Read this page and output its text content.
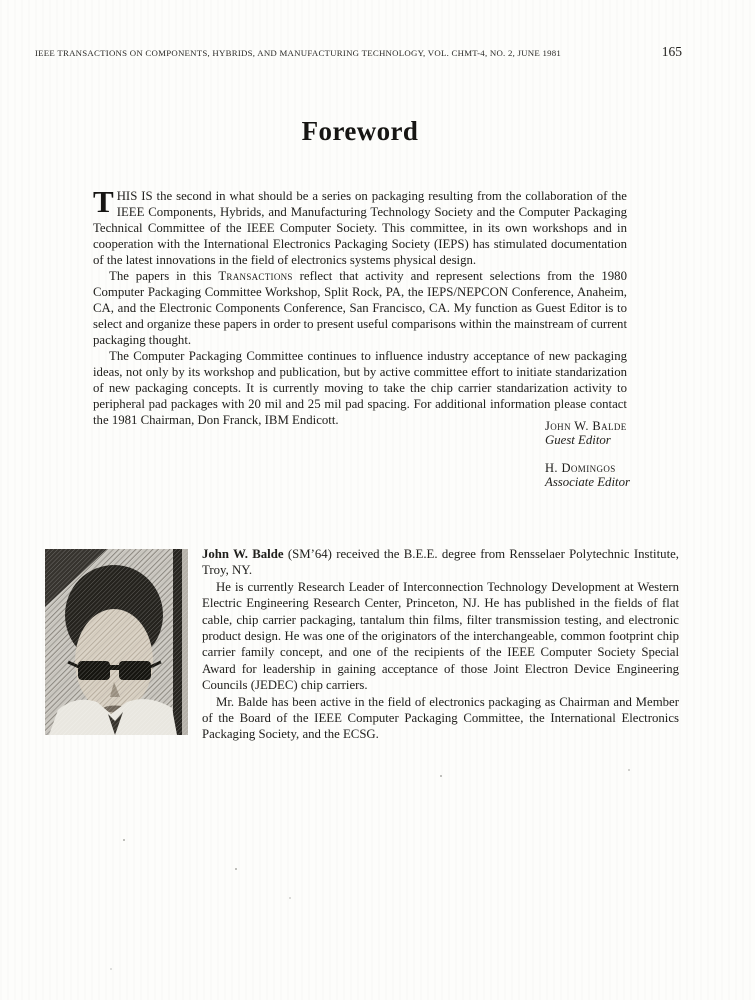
IEEE TRANSACTIONS ON COMPONENTS, HYBRIDS, AND MANUFACTURING TECHNOLOGY, VOL. CHMT-4, NO. 2, JUNE 1981	165
Foreword

THIS IS the second in what should be a series on packaging resulting from the collaboration of the IEEE Components, Hybrids, and Manufacturing Technology Society and the Computer Packaging Technical Committee of the IEEE Computer Society. This committee, in its own workshops and in cooperation with the International Electronics Packaging Society (IEPS) has stimulated documentation of the latest innovations in the field of electronics systems physical design.

The papers in this Transactions reflect that activity and represent selections from the 1980 Computer Packaging Committee Workshop, Split Rock, PA, the IEPS/NEPCON Conference, Anaheim, CA, and the Electronic Components Conference, San Francisco, CA. My function as Guest Editor is to select and organize these papers in order to present useful comparisons within the mainstream of current packaging thought.

The Computer Packaging Committee continues to influence industry acceptance of new packaging ideas, not only by its workshop and publication, but by active committee effort to initiate standarization of new packaging concepts. It is currently moving to take the chip carrier standarization activity to peripheral pad packages with 20 mil and 25 mil pad spacing. For additional information please contact the 1981 Chairman, Don Franck, IBM Endicott.	John W. Balde
Guest Editor
H. Domingos
Associate Editor

John W. Balde (SM’64) received the B.E.E. degree from Rensselaer Polytechnic Institute, Troy, NY.

He is currently Research Leader of Interconnection Technology Development at Western Electric Engineering Research Center, Princeton, NJ. He has published in the fields of flat cable, chip carrier packaging, tantalum thin films, filter transmission testing, and electronic product design. He was one of the originators of the interchangeable, common footprint chip carrier family concept, and one of the recipients of the IEEE Computer Society Special Award for leadership in gaining acceptance of those Joint Electron Device Engineering Councils (JEDEC) chip carriers.

Mr. Balde has been active in the field of electronics packaging as Chairman and Member of the Board of the IEEE Computer Packaging Committee, the International Electronics Packaging Society, and the ECSG.
